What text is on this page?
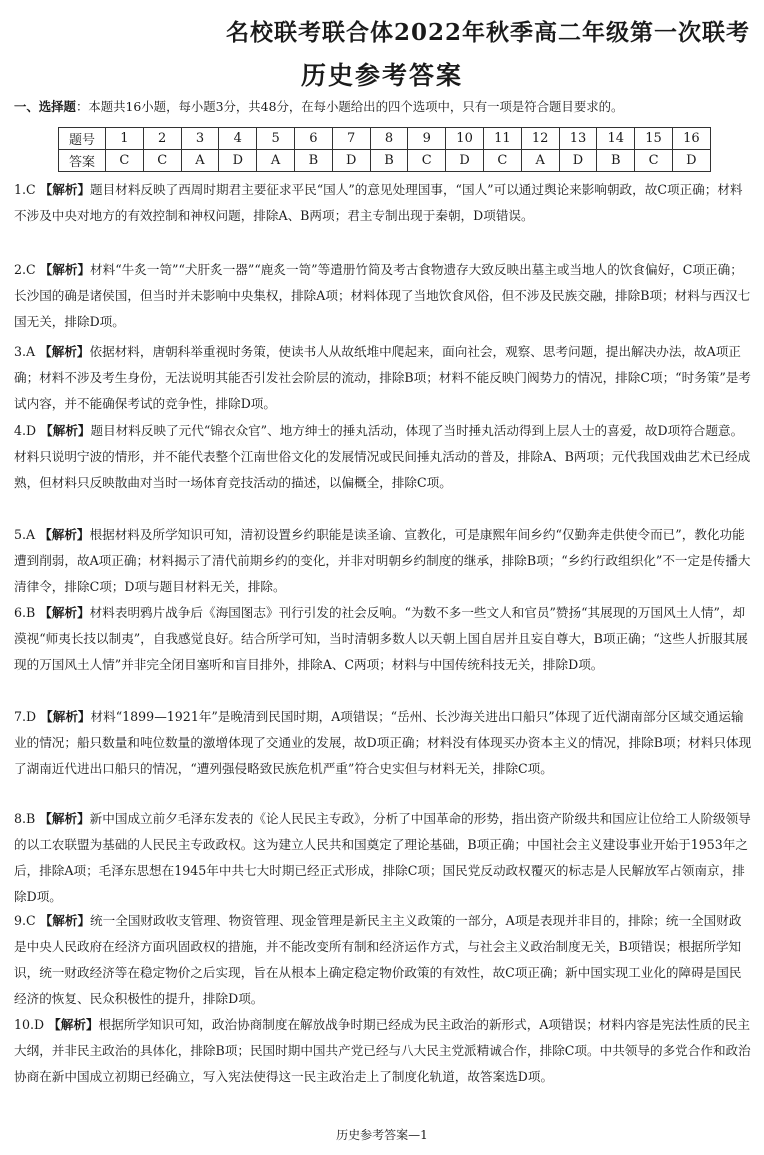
名校联考联合体2022年秋季高二年级第一次联考
历史参考答案
一、选择题：本题共16小题，每小题3分，共48分，在每小题给出的四个选项中，只有一项是符合题目要求的。
题号	1	2	3	4	5	6	7	8	9	10	11	12	13	14	15	16
答案	C	C	A	D	A	B	D	B	C	D	C	A	D	B	C	D
1.C 【解析】题目材料反映了西周时期君主要征求平民“国人”的意见处理国事，“国人”可以通过舆论来影响朝政，故C项正确；材料不涉及中央对地方的有效控制和神权问题，排除A、B两项；君主专制出现于秦朝，D项错误。
2.C 【解析】材料“牛炙一笥”“犬肝炙一器”“鹿炙一笥”等遣册竹简及考古食物遗存大致反映出墓主或当地人的饮食偏好，C项正确；长沙国的确是诸侯国，但当时并未影响中央集权，排除A项；材料体现了当地饮食风俗，但不涉及民族交融，排除B项；材料与西汉七国无关，排除D项。
3.A 【解析】依据材料，唐朝科举重视时务策，使读书人从故纸堆中爬起来，面向社会，观察、思考问题，提出解决办法，故A项正确；材料不涉及考生身份，无法说明其能否引发社会阶层的流动，排除B项；材料不能反映门阀势力的情况，排除C项；“时务策”是考试内容，并不能确保考试的竞争性，排除D项。
4.D 【解析】题目材料反映了元代“锦衣众官”、地方绅士的捶丸活动，体现了当时捶丸活动得到上层人士的喜爱，故D项符合题意。材料只说明宁波的情形，并不能代表整个江南世俗文化的发展情况或民间捶丸活动的普及，排除A、B两项；元代我国戏曲艺术已经成熟，但材料只反映散曲对当时一场体育竞技活动的描述，以偏概全，排除C项。
5.A 【解析】根据材料及所学知识可知，清初设置乡约职能是读圣谕、宣教化，可是康熙年间乡约“仅勤奔走供使令而已”，教化功能遭到削弱，故A项正确；材料揭示了清代前期乡约的变化，并非对明朝乡约制度的继承，排除B项；“乡约行政组织化”不一定是传播大清律令，排除C项；D项与题目材料无关，排除。
6.B 【解析】材料表明鸦片战争后《海国图志》刊行引发的社会反响。“为数不多一些文人和官员”赞扬“其展现的万国风土人情”，却漠视“师夷长技以制夷”，自我感觉良好。结合所学可知，当时清朝多数人以天朝上国自居并且妄自尊大，B项正确；“这些人折服其展现的万国风土人情”并非完全闭目塞听和盲目排外，排除A、C两项；材料与中国传统科技无关，排除D项。
7.D 【解析】材料“1899—1921年”是晚清到民国时期，A项错误；“岳州、长沙海关进出口船只”体现了近代湖南部分区域交通运输业的情况；船只数量和吨位数量的激增体现了交通业的发展，故D项正确；材料没有体现买办资本主义的情况，排除B项；材料只体现了湖南近代进出口船只的情况，“遭列强侵略致民族危机严重”符合史实但与材料无关，排除C项。
8.B 【解析】新中国成立前夕毛泽东发表的《论人民民主专政》，分析了中国革命的形势，指出资产阶级共和国应让位给工人阶级领导的以工农联盟为基础的人民民主专政政权。这为建立人民共和国奠定了理论基础，B项正确；中国社会主义建设事业开始于1953年之后，排除A项；毛泽东思想在1945年中共七大时期已经正式形成，排除C项；国民党反动政权覆灭的标志是人民解放军占领南京，排除D项。
9.C 【解析】统一全国财政收支管理、物资管理、现金管理是新民主主义政策的一部分，A项是表现并非目的，排除；统一全国财政是中央人民政府在经济方面巩固政权的措施，并不能改变所有制和经济运作方式，与社会主义政治制度无关，B项错误；根据所学知识，统一财政经济等在稳定物价之后实现，旨在从根本上确定稳定物价政策的有效性，故C项正确；新中国实现工业化的障碍是国民经济的恢复、民众积极性的提升，排除D项。
10.D 【解析】根据所学知识可知，政治协商制度在解放战争时期已经成为民主政治的新形式，A项错误；材料内容是宪法性质的民主大纲，并非民主政治的具体化，排除B项；民国时期中国共产党已经与八大民主党派精诚合作，排除C项。中共领导的多党合作和政治协商在新中国成立初期已经确立，写入宪法使得这一民主政治走上了制度化轨道，故答案选D项。
历史参考答案—1
